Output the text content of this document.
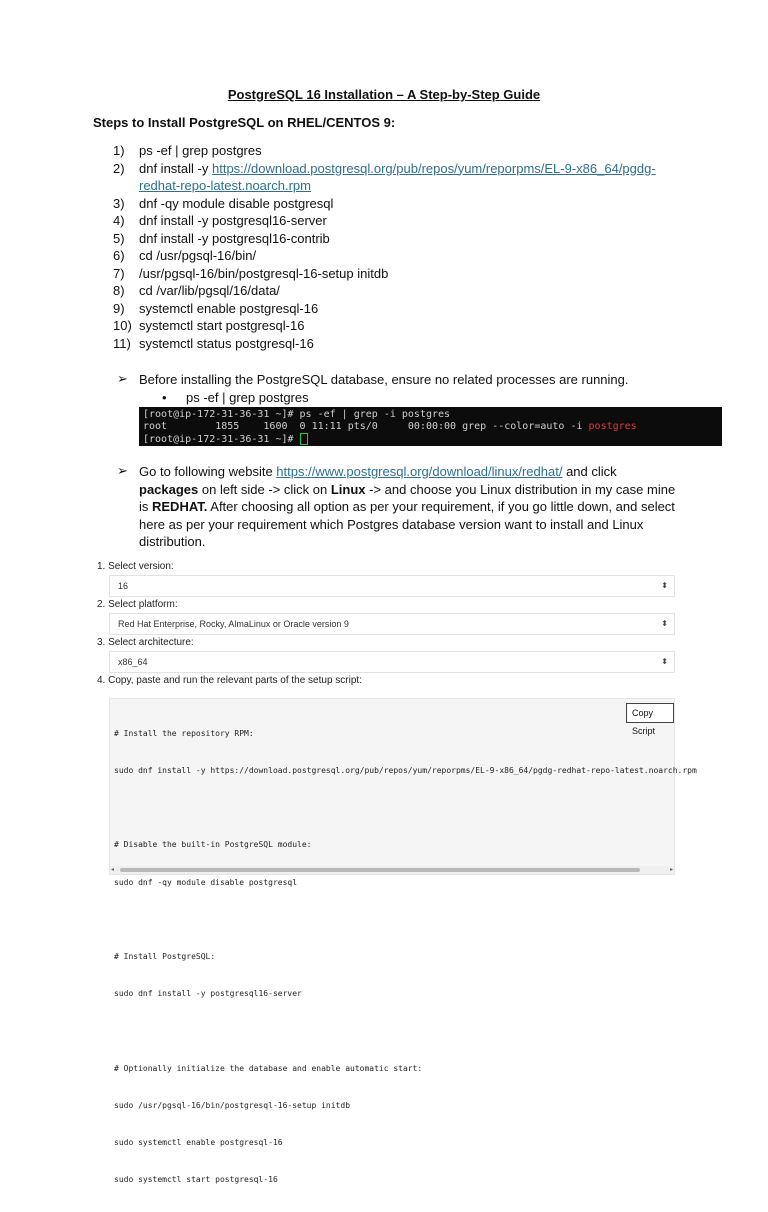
PostgreSQL 16 Installation – A Step-by-Step Guide
Steps to Install PostgreSQL on RHEL/CENTOS 9:
1)	ps -ef | grep postgres
2)	dnf install -y https://download.postgresql.org/pub/repos/yum/reporpms/EL-9-x86_64/pgdg-redhat-repo-latest.noarch.rpm
3)	dnf -qy module disable postgresql
4)	dnf install -y postgresql16-server
5)	dnf install -y postgresql16-contrib
6)	cd /usr/pgsql-16/bin/
7)	/usr/pgsql-16/bin/postgresql-16-setup initdb
8)	cd /var/lib/pgsql/16/data/
9)	systemctl enable postgresql-16
10) systemctl start postgresql-16
11) systemctl status postgresql-16
➢ Before installing the PostgreSQL database, ensure no related processes are running.
• ps -ef | grep postgres
[root@ip-172-31-36-31 ~]# ps -ef | grep -i postgres
root        1855    1600  0 11:11 pts/0     00:00:00 grep --color=auto -i postgres
[root@ip-172-31-36-31 ~]#
➢ Go to following website https://www.postgresql.org/download/linux/redhat/ and click packages on left side -> click on Linux -> and choose you Linux distribution in my case mine is REDHAT. After choosing all option as per your requirement, if you go little down, and select here as per your requirement which Postgres database version want to install and Linux distribution.
1. Select version:
16	⬍
2. Select platform:
Red Hat Enterprise, Rocky, AlmaLinux or Oracle version 9	⬍
3. Select architecture:
x86_64	⬍
4. Copy, paste and run the relevant parts of the setup script:

# Install the repository RPM:

sudo dnf install -y https://download.postgresql.org/pub/repos/yum/reporpms/EL-9-x86_64/pgdg-redhat-repo-latest.noarch.rpm

# Disable the built-in PostgreSQL module:

sudo dnf -qy module disable postgresql

# Install PostgreSQL:

sudo dnf install -y postgresql16-server

# Optionally initialize the database and enable automatic start:

sudo /usr/pgsql-16/bin/postgresql-16-setup initdb

sudo systemctl enable postgresql-16

sudo systemctl start postgresql-16

Copy Script
◂	▸
